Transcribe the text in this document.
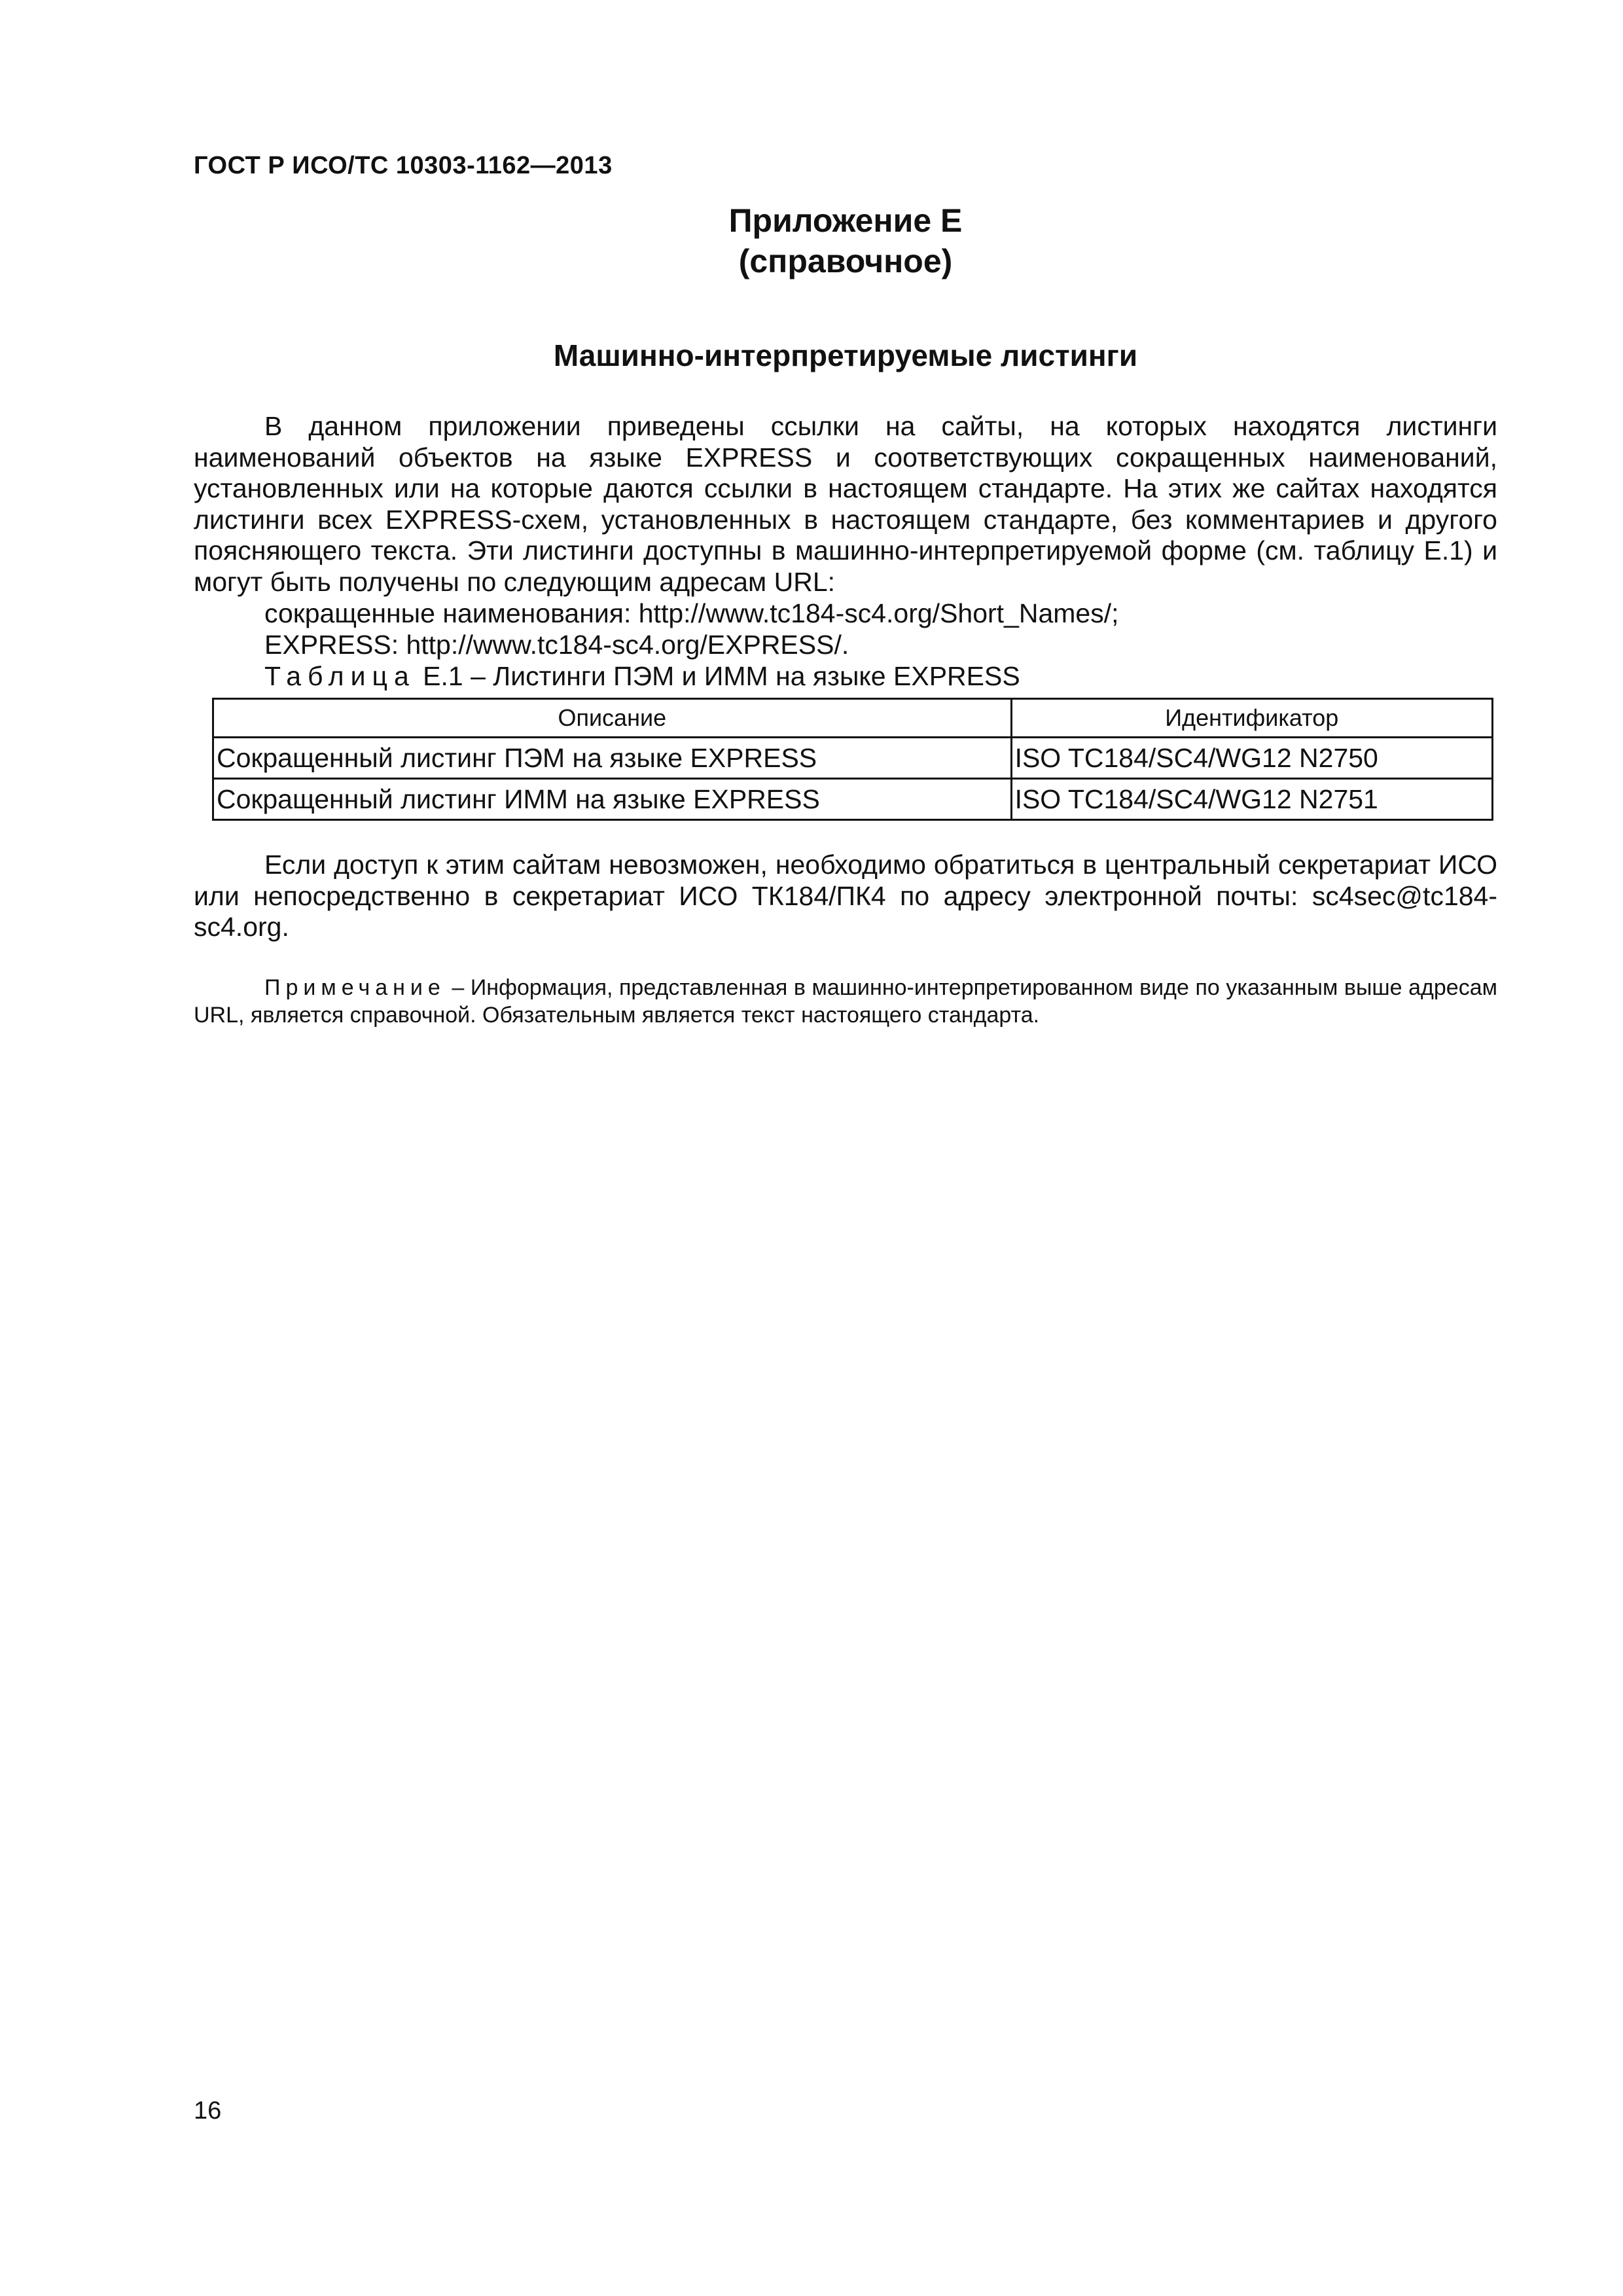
ГОСТ Р ИСО/ТС 10303-1162—2013
Приложение Е
(справочное)
Машинно-интерпретируемые листинги
В данном приложении приведены ссылки на сайты, на которых находятся листинги наименований объектов на языке EXPRESS и соответствующих сокращенных наименований, установленных или на которые даются ссылки в настоящем стандарте. На этих же сайтах находятся листинги всех EXPRESS-схем, установленных в настоящем стандарте, без комментариев и другого поясняющего текста. Эти листинги доступны в машинно-интерпретируемой форме (см. таблицу Е.1) и могут быть получены по следующим адресам URL:
сокращенные наименования: http://www.tc184-sc4.org/Short_Names/;
EXPRESS: http://www.tc184-sc4.org/EXPRESS/.
Таблица Е.1 – Листинги ПЭМ и ИММ на языке EXPRESS
Описание	Идентификатор
Сокращенный листинг ПЭМ на языке EXPRESS	ISO TC184/SC4/WG12 N2750
Сокращенный листинг ИММ на языке EXPRESS	ISO TC184/SC4/WG12 N2751
Если доступ к этим сайтам невозможен, необходимо обратиться в центральный секретариат ИСО или непосредственно в секретариат ИСО ТК184/ПК4 по адресу электронной почты: sc4sec@tc184-sc4.org.
Примечание – Информация, представленная в машинно-интерпретированном виде по указанным выше адресам URL, является справочной. Обязательным является текст настоящего стандарта.
16
